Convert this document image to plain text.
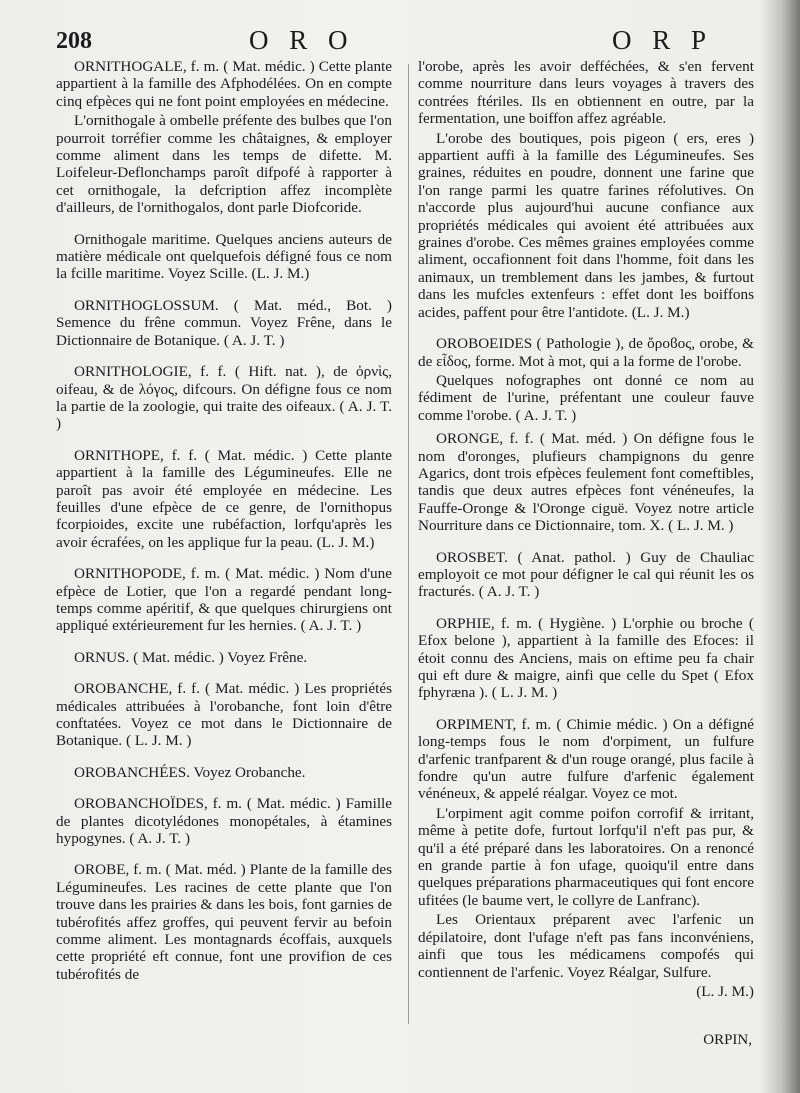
208	O R O	O R P

ORNITHOGALE, f. m. ( Mat. médic. ) Cette plante appartient à la famille des Afphodélées. On en compte cinq efpèces qui ne font point employées en médecine.

L'ornithogale à ombelle préfente des bulbes que l'on pourroit torréfier comme les châtaignes, & employer comme aliment dans les temps de difette. M. Loifeleur-Deflonchamps paroît difpofé à rapporter à cet ornithogale, la defcription affez incomplète d'ailleurs, de l'ornithogalos, dont parle Diofcoride.

Ornithogale maritime. Quelques anciens auteurs de matière médicale ont quelquefois défigné fous ce nom la fcille maritime. Voyez Scille. (L. J. M.)

ORNITHOGLOSSUM. ( Mat. méd., Bot. ) Semence du frêne commun. Voyez Frêne, dans le Dictionnaire de Botanique. ( A. J. T. )

ORNITHOLOGIE, f. f. ( Hift. nat. ), de ὀρνὶς, oifeau, & de λόγος, difcours. On défigne fous ce nom la partie de la zoologie, qui traite des oifeaux. ( A. J. T. )

ORNITHOPE, f. f. ( Mat. médic. ) Cette plante appartient à la famille des Légumineufes. Elle ne paroît pas avoir été employée en médecine. Les feuilles d'une efpèce de ce genre, de l'ornithopus fcorpioides, excite une rubéfaction, lorfqu'après les avoir écrafées, on les applique fur la peau. (L. J. M.)

ORNITHOPODE, f. m. ( Mat. médic. ) Nom d'une efpèce de Lotier, que l'on a regardé pendant long-temps comme apéritif, & que quelques chirurgiens ont appliqué extérieurement fur les hernies. ( A. J. T. )

ORNUS. ( Mat. médic. ) Voyez Frêne.

OROBANCHE, f. f. ( Mat. médic. ) Les propriétés médicales attribuées à l'orobanche, font loin d'être conftatées. Voyez ce mot dans le Dictionnaire de Botanique. ( L. J. M. )

OROBANCHÉES. Voyez Orobanche.

OROBANCHOÏDES, f. m. ( Mat. médic. ) Famille de plantes dicotylédones monopétales, à étamines hypogynes. ( A. J. T. )

OROBE, f. m. ( Mat. méd. ) Plante de la famille des Légumineufes. Les racines de cette plante que l'on trouve dans les prairies & dans les bois, font garnies de tubérofités affez groffes, qui peuvent fervir au befoin comme aliment. Les montagnards écoffais, auxquels cette propriété eft connue, font une provifion de ces tubérofités de

l'orobe, après les avoir defféchées, & s'en fervent comme nourriture dans leurs voyages à travers des contrées ftériles. Ils en obtiennent en outre, par la fermentation, une boiffon affez agréable.

L'orobe des boutiques, pois pigeon ( ers, eres ) appartient auffi à la famille des Légumineufes. Ses graines, réduites en poudre, donnent une farine que l'on range parmi les quatre farines réfolutives. On n'accorde plus aujourd'hui aucune confiance aux propriétés médicales qui avoient été attribuées aux graines d'orobe. Ces mêmes graines employées comme aliment, occafionnent foit dans l'homme, foit dans les animaux, un tremblement dans les jambes, & furtout dans les mufcles extenfeurs : effet dont les boiffons acides, paffent pour être l'antidote. (L. J. M.)

OROBOEIDES ( Pathologie ), de ὄροϐος, orobe, & de εἶδος, forme. Mot à mot, qui a la forme de l'orobe.

Quelques nofographes ont donné ce nom au fédiment de l'urine, préfentant une couleur fauve comme l'orobe. ( A. J. T. )

ORONGE, f. f. ( Mat. méd. ) On défigne fous le nom d'oronges, plufieurs champignons du genre Agarics, dont trois efpèces feulement font comeftibles, tandis que deux autres efpèces font vénéneufes, la Fauffe-Oronge & l'Oronge ciguë. Voyez notre article Nourriture dans ce Dictionnaire, tom. X. ( L. J. M. )

OROSBET. ( Anat. pathol. ) Guy de Chauliac employoit ce mot pour défigner le cal qui réunit les os fracturés. ( A. J. T. )

ORPHIE, f. m. ( Hygiène. ) L'orphie ou broche ( Efox belone ), appartient à la famille des Efoces: il étoit connu des Anciens, mais on eftime peu fa chair qui eft dure & maigre, ainfi que celle du Spet ( Efox fphyræna ). ( L. J. M. )

ORPIMENT, f. m. ( Chimie médic. ) On a défigné long-temps fous le nom d'orpiment, un fulfure d'arfenic tranfparent & d'un rouge orangé, plus facile à fondre qu'un autre fulfure d'arfenic également vénéneux, & appelé réalgar. Voyez ce mot.

L'orpiment agit comme poifon corrofif & irritant, même à petite dofe, furtout lorfqu'il n'eft pas pur, & qu'il a été préparé dans les laboratoires. On a renoncé en grande partie à fon ufage, quoiqu'il entre dans quelques préparations pharmaceutiques qui font encore ufitées (le baume vert, le collyre de Lanfranc).

Les Orientaux préparent avec l'arfenic un dépilatoire, dont l'ufage n'eft pas fans inconvéniens, ainfi que tous les médicamens compofés qui contiennent de l'arfenic. Voyez Réalgar, Sulfure.

(L. J. M.)

ORPIN,
